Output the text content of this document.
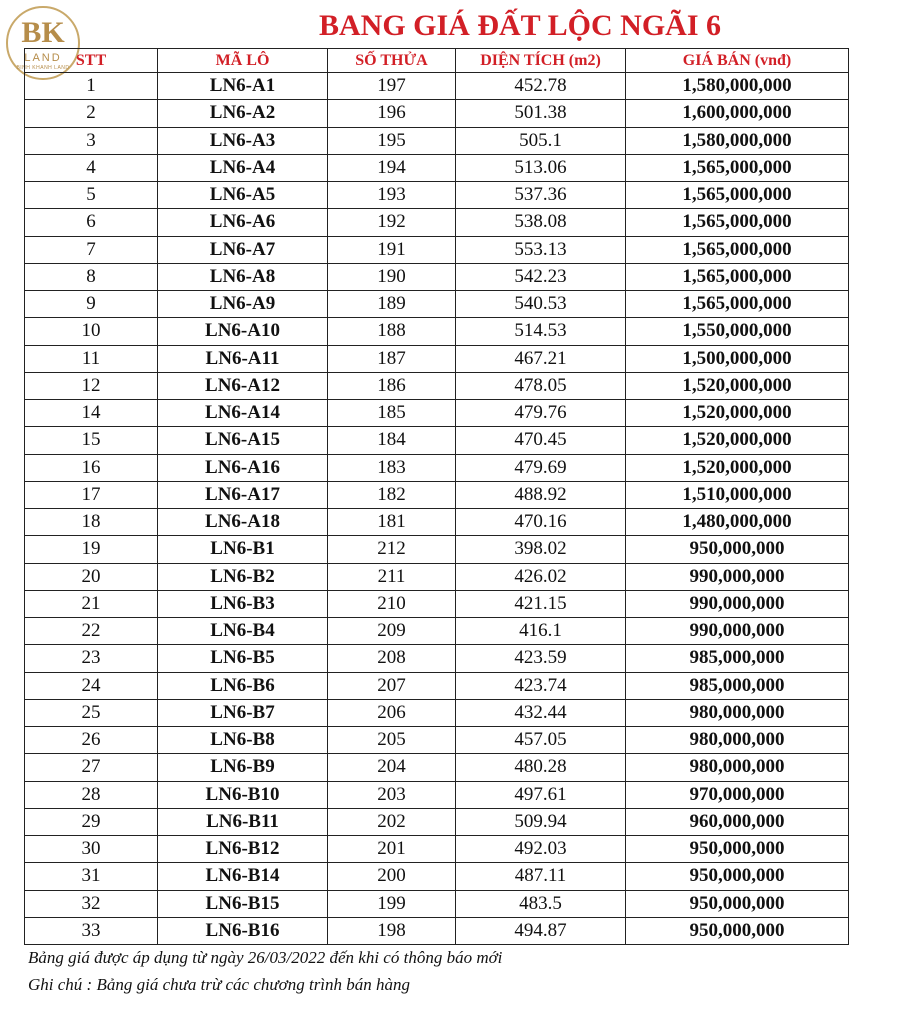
BK
LAND
BINH KHANH LAND
BANG GIÁ ĐẤT LỘC NGÃI 6
STT	MÃ LÔ	SỐ THỬA	DIỆN TÍCH (m2)	GIÁ BÁN (vnđ)
1	LN6-A1	197	452.78	1,580,000,000
2	LN6-A2	196	501.38	1,600,000,000
3	LN6-A3	195	505.1	1,580,000,000
4	LN6-A4	194	513.06	1,565,000,000
5	LN6-A5	193	537.36	1,565,000,000
6	LN6-A6	192	538.08	1,565,000,000
7	LN6-A7	191	553.13	1,565,000,000
8	LN6-A8	190	542.23	1,565,000,000
9	LN6-A9	189	540.53	1,565,000,000
10	LN6-A10	188	514.53	1,550,000,000
11	LN6-A11	187	467.21	1,500,000,000
12	LN6-A12	186	478.05	1,520,000,000
14	LN6-A14	185	479.76	1,520,000,000
15	LN6-A15	184	470.45	1,520,000,000
16	LN6-A16	183	479.69	1,520,000,000
17	LN6-A17	182	488.92	1,510,000,000
18	LN6-A18	181	470.16	1,480,000,000
19	LN6-B1	212	398.02	950,000,000
20	LN6-B2	211	426.02	990,000,000
21	LN6-B3	210	421.15	990,000,000
22	LN6-B4	209	416.1	990,000,000
23	LN6-B5	208	423.59	985,000,000
24	LN6-B6	207	423.74	985,000,000
25	LN6-B7	206	432.44	980,000,000
26	LN6-B8	205	457.05	980,000,000
27	LN6-B9	204	480.28	980,000,000
28	LN6-B10	203	497.61	970,000,000
29	LN6-B11	202	509.94	960,000,000
30	LN6-B12	201	492.03	950,000,000
31	LN6-B14	200	487.11	950,000,000
32	LN6-B15	199	483.5	950,000,000
33	LN6-B16	198	494.87	950,000,000
Bảng giá được áp dụng từ ngày 26/03/2022 đến khi có thông báo mới
Ghi chú : Bảng giá chưa trừ các chương trình bán hàng
